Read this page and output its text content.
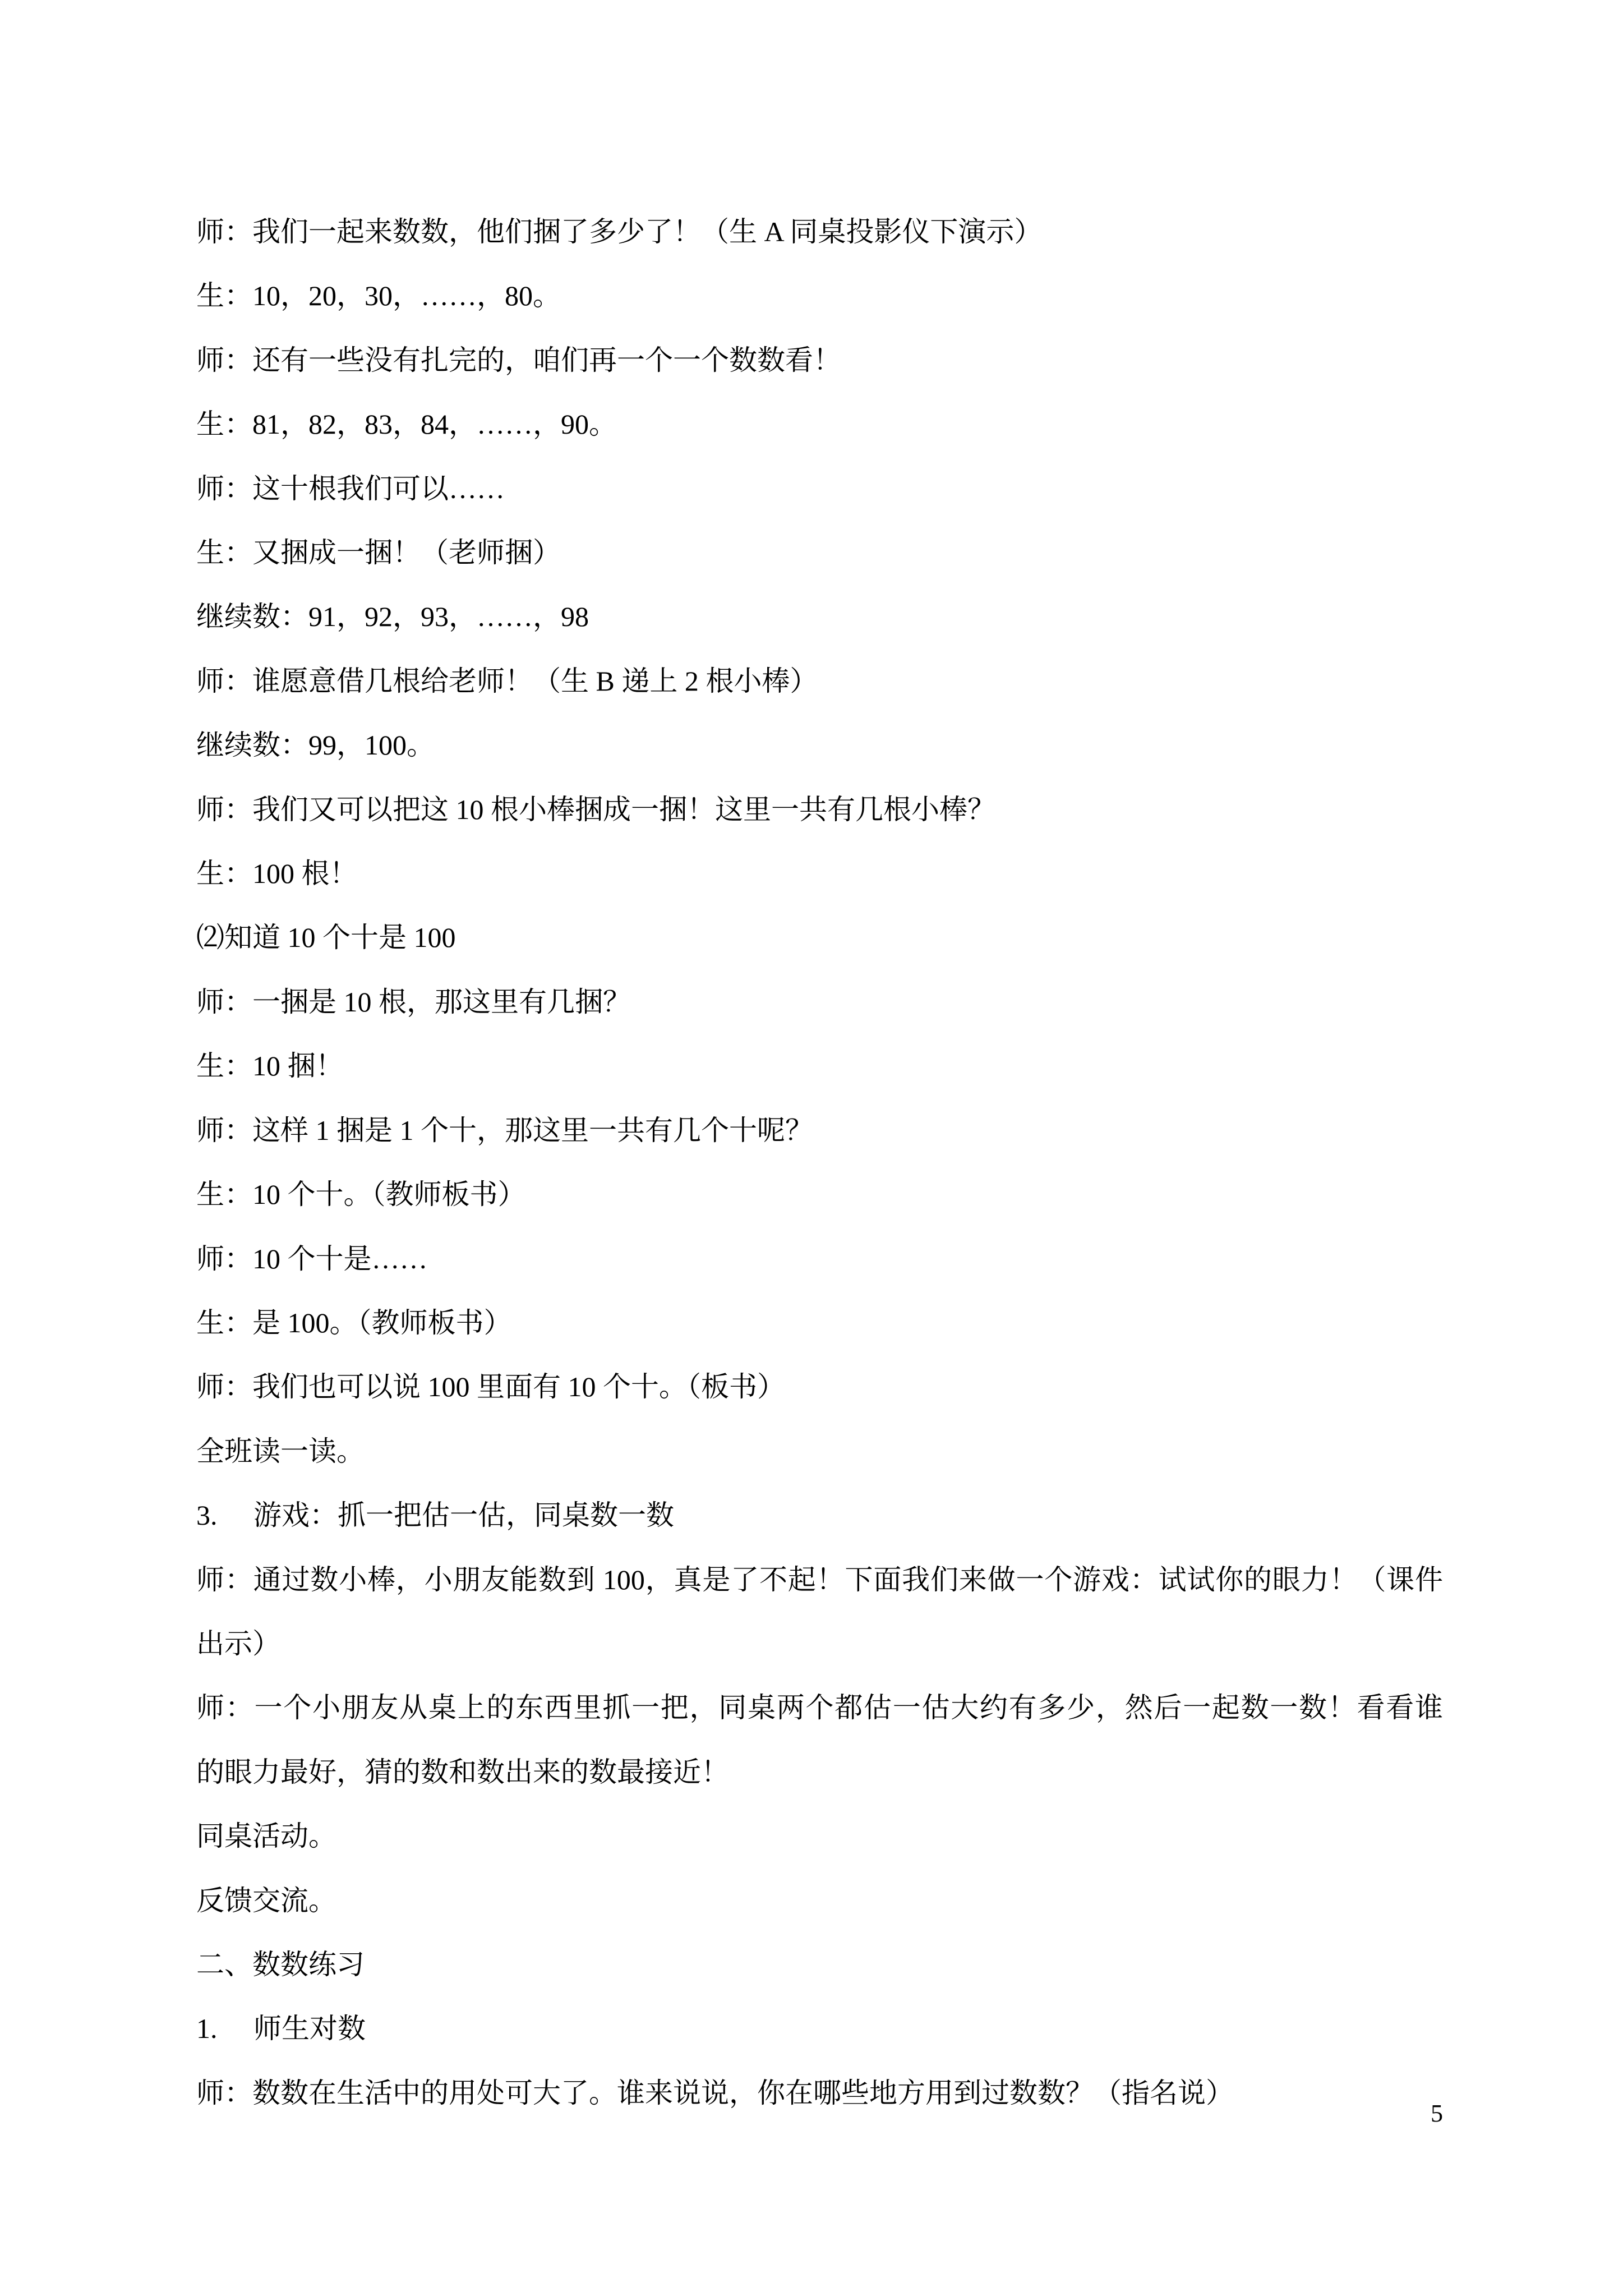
师：我们一起来数数，他们捆了多少了！（生 A 同桌投影仪下演示）

生：10，20，30，……，80。

师：还有一些没有扎完的，咱们再一个一个数数看！

生：81，82，83，84，……，90。

师：这十根我们可以……

生：又捆成一捆！（老师捆）

继续数：91，92，93，……，98

师：谁愿意借几根给老师！（生 B 递上 2 根小棒）

继续数：99，100。

师：我们又可以把这 10 根小棒捆成一捆！这里一共有几根小棒？

生：100 根！

⑵知道 10 个十是 100

师：一捆是 10 根，那这里有几捆？

生：10 捆！

师：这样 1 捆是 1 个十，那这里一共有几个十呢？

生：10 个十。（教师板书）

师：10 个十是……

生：是 100。（教师板书）

师：我们也可以说 100 里面有 10 个十。（板书）

全班读一读。

3. 游戏：抓一把估一估，同桌数一数

师：通过数小棒，小朋友能数到 100，真是了不起！下面我们来做一个游戏：试试你的眼力！（课件
出示）

师：一个小朋友从桌上的东西里抓一把，同桌两个都估一估大约有多少，然后一起数一数！看看谁
的眼力最好，猜的数和数出来的数最接近！

同桌活动。

反馈交流。

二、数数练习

1. 师生对数

师：数数在生活中的用处可大了。谁来说说，你在哪些地方用到过数数？（指名说）

5
